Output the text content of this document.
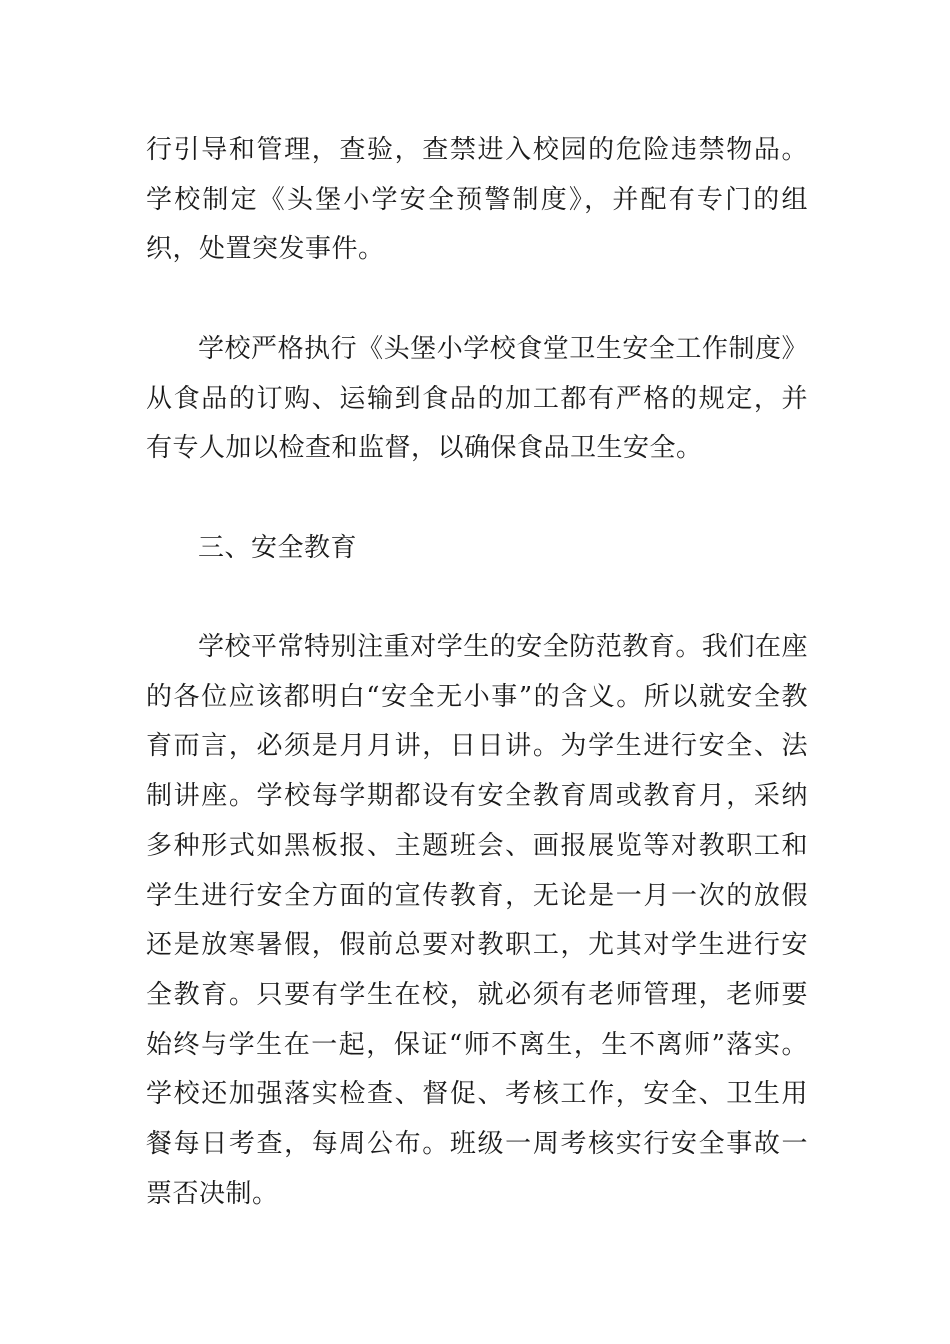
行引导和管理，查验，查禁进入校园的危险违禁物品。学校制定《头堡小学安全预警制度》，并配有专门的组织，处置突发事件。

学校严格执行《头堡小学校食堂卫生安全工作制度》从食品的订购、运输到食品的加工都有严格的规定，并有专人加以检查和监督，以确保食品卫生安全。

三、安全教育

学校平常特别注重对学生的安全防范教育。我们在座的各位应该都明白“安全无小事”的含义。所以就安全教育而言，必须是月月讲，日日讲。为学生进行安全、法制讲座。学校每学期都设有安全教育周或教育月，采纳多种形式如黑板报、主题班会、画报展览等对教职工和学生进行安全方面的宣传教育，无论是一月一次的放假还是放寒暑假，假前总要对教职工，尤其对学生进行安全教育。只要有学生在校，就必须有老师管理，老师要始终与学生在一起，保证“师不离生，生不离师”落实。学校还加强落实检查、督促、考核工作，安全、卫生用餐每日考查，每周公布。班级一周考核实行安全事故一票否决制。
